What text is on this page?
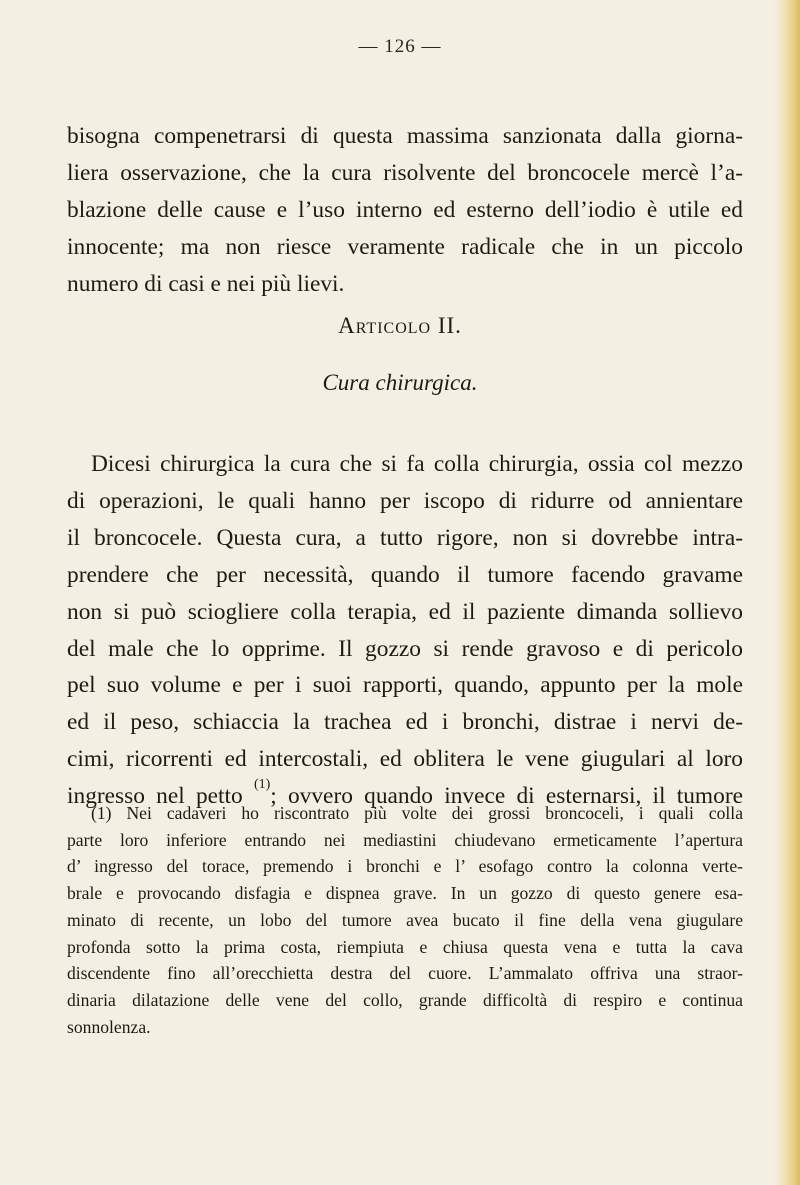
— 126 —
bisogna compenetrarsi di questa massima sanzionata dalla giorna-
liera osservazione, che la cura risolvente del broncocele mercè l’a-
blazione delle cause e l’uso interno ed esterno dell’iodio è utile ed
innocente; ma non riesce veramente radicale che in un piccolo
numero di casi e nei più lievi.
Articolo II.
Cura chirurgica.
Dicesi chirurgica la cura che si fa colla chirurgia, ossia col mezzo
di operazioni, le quali hanno per iscopo di ridurre od annientare
il broncocele. Questa cura, a tutto rigore, non si dovrebbe intra-
prendere che per necessità, quando il tumore facendo gravame
non si può sciogliere colla terapia, ed il paziente dimanda sollievo
del male che lo opprime. Il gozzo si rende gravoso e di pericolo
pel suo volume e per i suoi rapporti, quando, appunto per la mole
ed il peso, schiaccia la trachea ed i bronchi, distrae i nervi de-
cimi, ricorrenti ed intercostali, ed oblitera le vene giugulari al loro
ingresso nel petto $^{(1)}$; ovvero quando invece di esternarsi, il tumore
(1) Nei cadaveri ho riscontrato più volte dei grossi broncoceli, i quali colla
parte loro inferiore entrando nei mediastini chiudevano ermeticamente l’apertura
d’ ingresso del torace, premendo i bronchi e l’ esofago contro la colonna verte-
brale e provocando disfagia e dispnea grave. In un gozzo di questo genere esa-
minato di recente, un lobo del tumore avea bucato il fine della vena giugulare
profonda sotto la prima costa, riempiuta e chiusa questa vena e tutta la cava
discendente fino all’orecchietta destra del cuore. L’ammalato offriva una straor-
dinaria dilatazione delle vene del collo, grande difficoltà di respiro e continua
sonnolenza.
